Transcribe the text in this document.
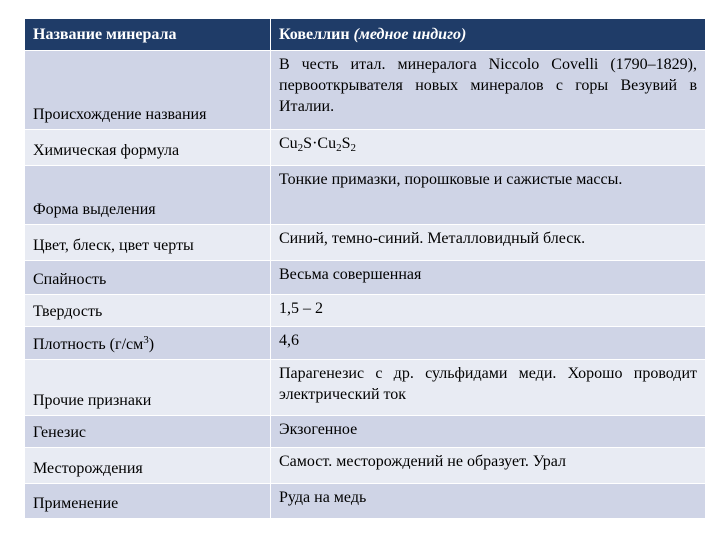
Название минерала	Ковеллин (медное индиго)
Происхождение названия	В честь итал. минералога Niccolo Covelli (1790–1829), первооткрывателя новых минералов с горы Везувий в Италии.
Химическая формула	$Cu_2S\cdot Cu_2S_2$
Форма выделения	Тонкие примазки, порошковые и сажистые массы.
Цвет, блеск, цвет черты	Синий, темно-синий. Металловидный блеск.
Спайность	Весьма совершенная
Твердость	1,5 – 2
Плотность $(г/см^3)$	4,6
Прочие признаки	Парагенезис с др. сульфидами меди. Хорошо проводит электрический ток
Генезис	Экзогенное
Месторождения	Самост. месторождений не образует. Урал
Применение	Руда на медь
